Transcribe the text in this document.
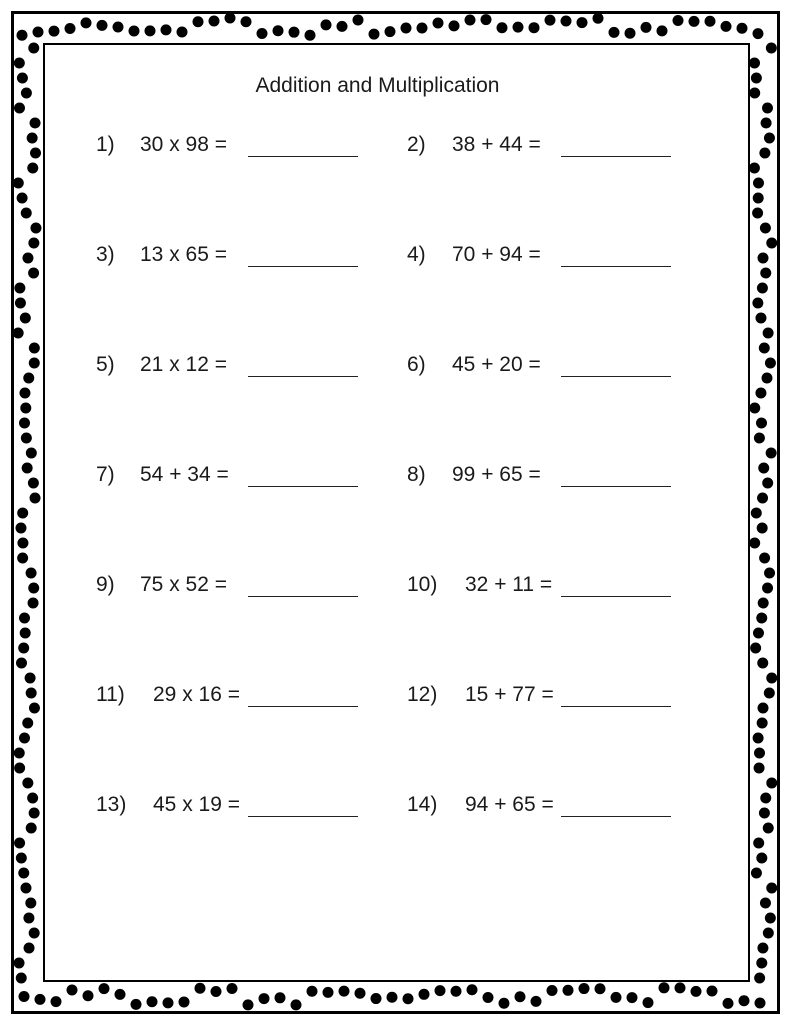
Addition and Multiplication
1) 30 x 98 =	2) 38 + 44 =
3) 13 x 65 =	4) 70 + 94 =
5) 21 x 12 =	6) 45 + 20 =
7) 54 + 34 =	8) 99 + 65 =
9) 75 x 52 =	10) 32 + 11 =
11) 29 x 16 =	12) 15 + 77 =
13) 45 x 19 =	14) 94 + 65 =
